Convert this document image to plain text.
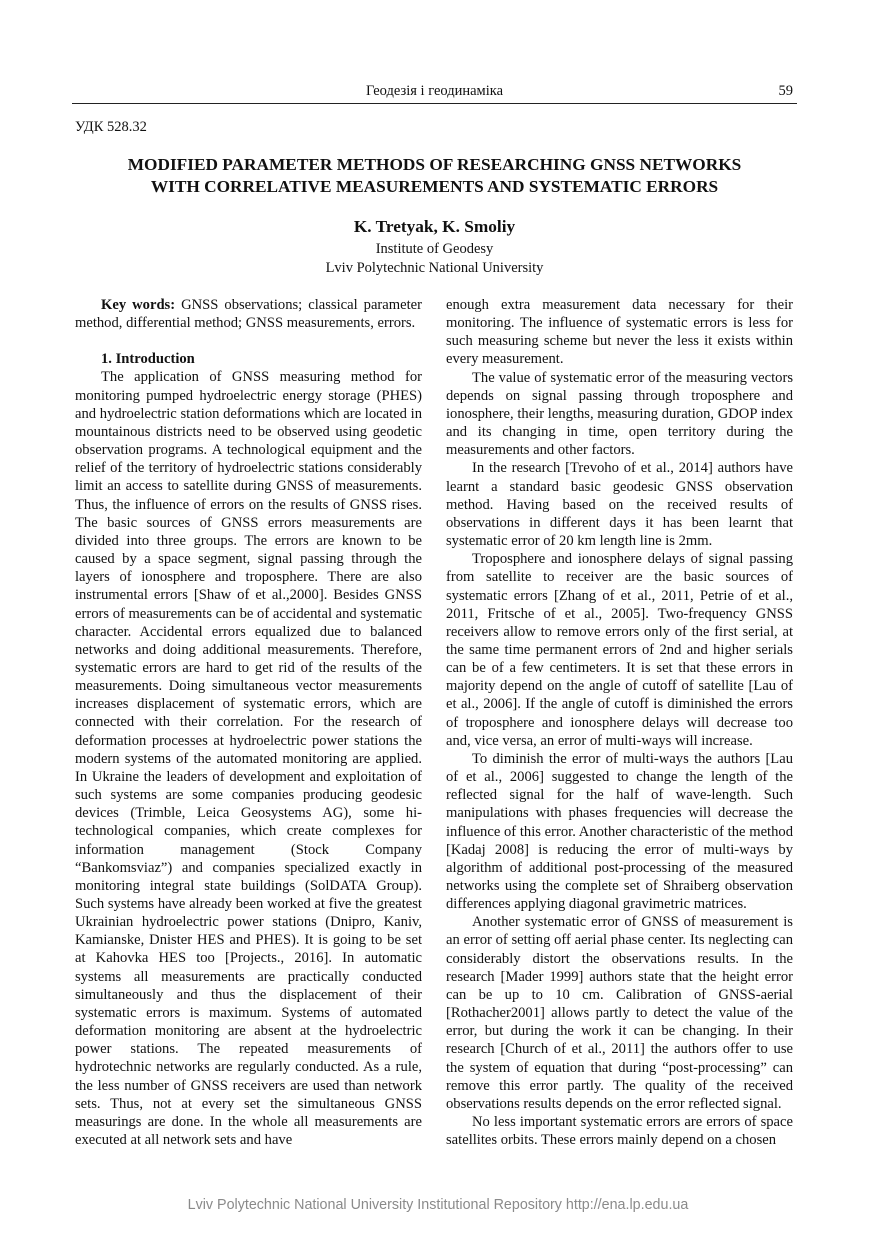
Геодезія і геодинаміка	59
УДК 528.32
MODIFIED PARAMETER METHODS OF RESEARCHING GNSS NETWORKS
WITH CORRELATIVE MEASUREMENTS AND SYSTEMATIC ERRORS
K. Tretyak, K. Smoliy
Institute of Geodesy
Lviv Polytechnic National University

Key words: GNSS observations; classical parameter method, differential method; GNSS measurements, errors.

1. Introduction

The application of GNSS measuring method for monitoring pumped hydroelectric energy storage (PHES) and hydroelectric station deformations which are located in mountainous districts need to be observed using geodetic observation programs. A technological equipment and the relief of the territory of hydroelectric stations considerably limit an access to satellite during GNSS of measurements. Thus, the influence of errors on the results of GNSS rises. The basic sources of GNSS errors measurements are divided into three groups. The errors are known to be caused by a space segment, signal passing through the layers of ionosphere and troposphere. There are also instrumental errors [Shaw of et al.,2000]. Besides GNSS errors of measurements can be of accidental and systematic character. Accidental errors equalized due to balanced networks and doing additional measurements. Therefore, systematic errors are hard to get rid of the results of the measurements. Doing simultaneous vector measurements increases displacement of systematic errors, which are connected with their correlation. For the research of deformation processes at hydroelectric power stations the modern systems of the automated monitoring are applied. In Ukraine the leaders of development and exploitation of such systems are some companies producing geodesic devices (Trimble, Leica Geosystems AG), some hi-technological companies, which create complexes for information management (Stock Company “Bankomsviaz”) and companies specialized exactly in monitoring integral state buildings (SolDATA Group). Such systems have already been worked at five the greatest Ukrainian hydroelectric power stations (Dnipro, Kaniv, Kamianske, Dnister HES and PHES). It is going to be set at Kahovka HES too [Projects., 2016]. In automatic systems all measurements are practically conducted simultaneously and thus the displacement of their systematic errors is maximum. Systems of automated deformation monitoring are absent at the hydroelectric power stations. The repeated measurements of hydrotechnic networks are regularly conducted. As a rule, the less number of GNSS receivers are used than network sets. Thus, not at every set the simultaneous GNSS measurings are done. In the whole all measurements are executed at all network sets and have

enough extra measurement data necessary for their monitoring. The influence of systematic errors is less for such measuring scheme but never the less it exists within every measurement.

The value of systematic error of the measuring vectors depends on signal passing through troposphere and ionosphere, their lengths, measuring duration, GDOP index and its changing in time, open territory during the measurements and other factors.

In the research [Trevoho of et al., 2014] authors have learnt a standard basic geodesic GNSS observation method. Having based on the received results of observations in different days it has been learnt that systematic error of 20 km length line is 2mm.

Troposphere and ionosphere delays of signal passing from satellite to receiver are the basic sources of systematic errors [Zhang of et al., 2011, Petrie of et al., 2011, Fritsche of et al., 2005]. Two-frequency GNSS receivers allow to remove errors only of the first serial, at the same time permanent errors of 2nd and higher serials can be of a few centimeters. It is set that these errors in majority depend on the angle of cutoff of satellite [Lau of et al., 2006]. If the angle of cutoff is diminished the errors of troposphere and ionosphere delays will decrease too and, vice versa, an error of multi-ways will increase.

To diminish the error of multi-ways the authors [Lau of et al., 2006] suggested to change the length of the reflected signal for the half of wave-length. Such manipulations with phases frequencies will decrease the influence of this error. Another characteristic of the method [Kadaj 2008] is reducing the error of multi-ways by algorithm of additional post-processing of the measured networks using the complete set of Shraiberg observation differences applying diagonal gravimetric matrices.

Another systematic error of GNSS of measurement is an error of setting off aerial phase center. Its neglecting can considerably distort the observations results. In the research [Mader 1999] authors state that the height error can be up to 10 cm. Calibration of GNSS-aerial [Rothacher2001] allows partly to detect the value of the error, but during the work it can be changing. In their research [Church of et al., 2011] the authors offer to use the system of equation that during “post-processing” can remove this error partly. The quality of the received observations results depends on the error reflected signal.

No less important systematic errors are errors of space satellites orbits. These errors mainly depend on a chosen

Lviv Polytechnic National University Institutional Repository http://ena.lp.edu.ua
